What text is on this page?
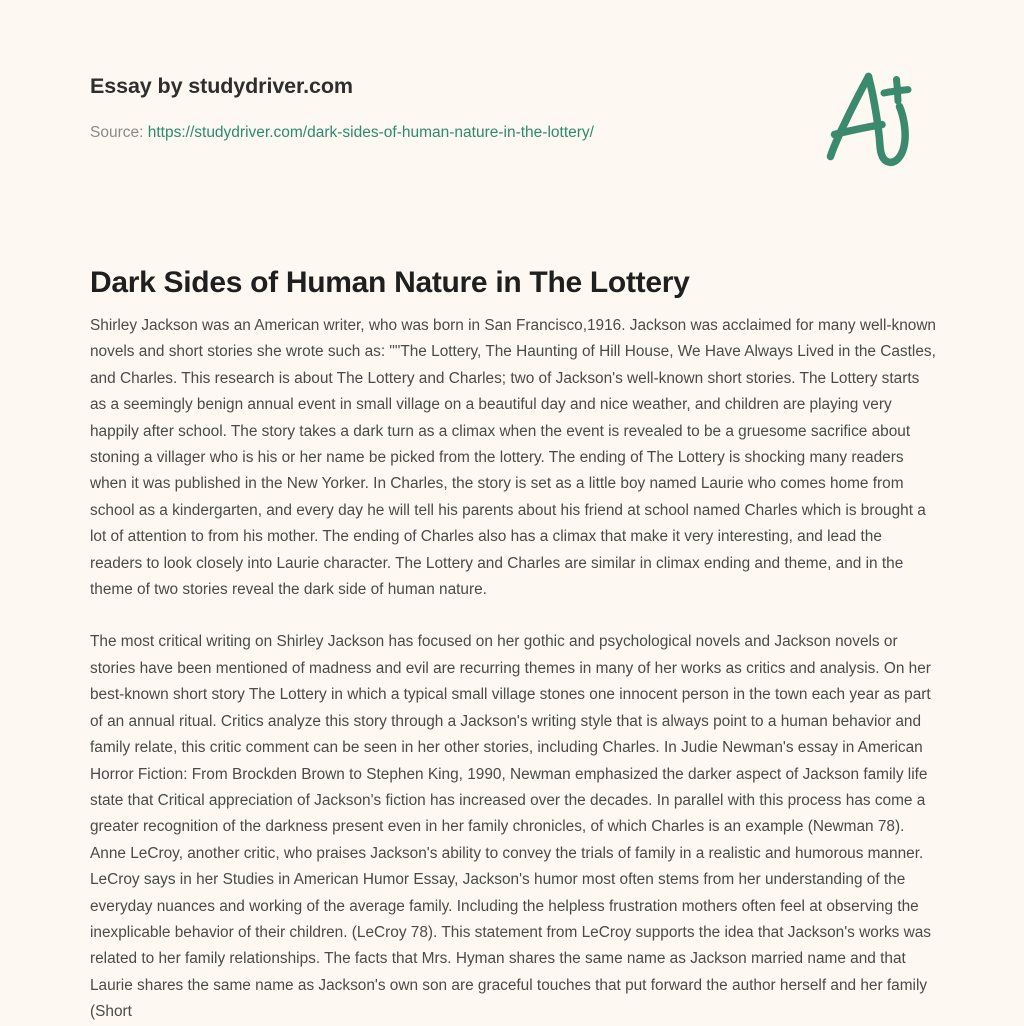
Essay by studydriver.com
Source: https://studydriver.com/dark-sides-of-human-nature-in-the-lottery/
Dark Sides of Human Nature in The Lottery

Shirley Jackson was an American writer, who was born in San Francisco,1916. Jackson was acclaimed for many well-known novels and short stories she wrote such as: ""The Lottery, The Haunting of Hill House, We Have Always Lived in the Castles, and Charles. This research is about The Lottery and Charles; two of Jackson's well-known short stories. The Lottery starts as a seemingly benign annual event in small village on a beautiful day and nice weather, and children are playing very happily after school. The story takes a dark turn as a climax when the event is revealed to be a gruesome sacrifice about stoning a villager who is his or her name be picked from the lottery. The ending of The Lottery is shocking many readers when it was published in the New Yorker. In Charles, the story is set as a little boy named Laurie who comes home from school as a kindergarten, and every day he will tell his parents about his friend at school named Charles which is brought a lot of attention to from his mother. The ending of Charles also has a climax that make it very interesting, and lead the readers to look closely into Laurie character. The Lottery and Charles are similar in climax ending and theme, and in the theme of two stories reveal the dark side of human nature.

The most critical writing on Shirley Jackson has focused on her gothic and psychological novels and Jackson novels or stories have been mentioned of madness and evil are recurring themes in many of her works as critics and analysis. On her best-known short story The Lottery in which a typical small village stones one innocent person in the town each year as part of an annual ritual. Critics analyze this story through a Jackson's writing style that is always point to a human behavior and family relate, this critic comment can be seen in her other stories, including Charles. In Judie Newman's essay in American Horror Fiction: From Brockden Brown to Stephen King, 1990, Newman emphasized the darker aspect of Jackson family life state that Critical appreciation of Jackson's fiction has increased over the decades. In parallel with this process has come a greater recognition of the darkness present even in her family chronicles, of which Charles is an example (Newman 78). Anne LeCroy, another critic, who praises Jackson's ability to convey the trials of family in a realistic and humorous manner. LeCroy says in her Studies in American Humor Essay, Jackson's humor most often stems from her understanding of the everyday nuances and working of the average family. Including the helpless frustration mothers often feel at observing the inexplicable behavior of their children. (LeCroy 78). This statement from LeCroy supports the idea that Jackson's works was related to her family relationships. The facts that Mrs. Hyman shares the same name as Jackson married name and that Laurie shares the same name as Jackson's own son are graceful touches that put forward the author herself and her family (Short
